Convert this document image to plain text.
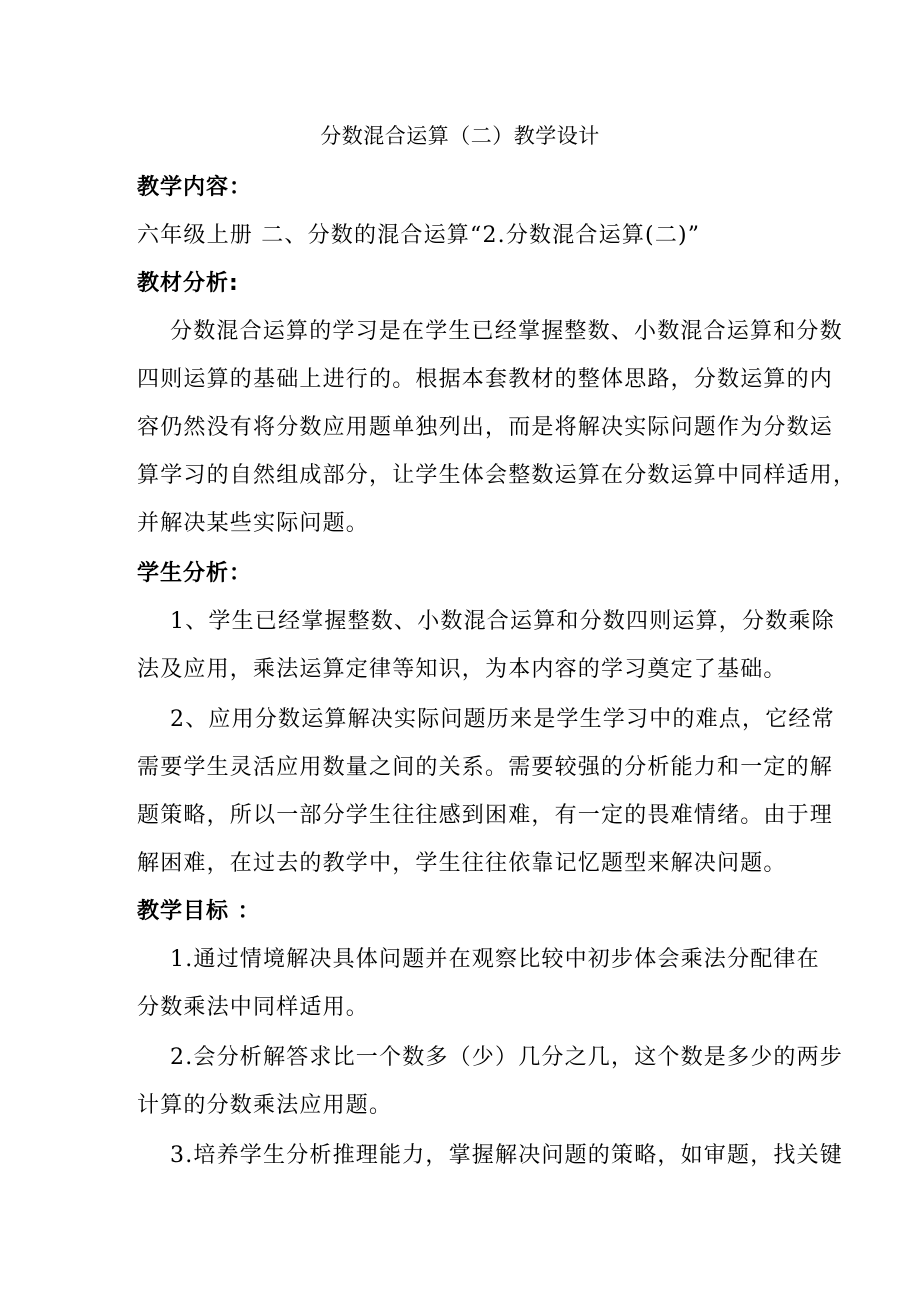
分数混合运算（二）教学设计
教学内容：
六年级上册 二、分数的混合运算“2.分数混合运算(二)”
教材分析:
分数混合运算的学习是在学生已经掌握整数、小数混合运算和分数
四则运算的基础上进行的。根据本套教材的整体思路，分数运算的内
容仍然没有将分数应用题单独列出，而是将解决实际问题作为分数运
算学习的自然组成部分，让学生体会整数运算在分数运算中同样适用，
并解决某些实际问题。
学生分析：
1、学生已经掌握整数、小数混合运算和分数四则运算，分数乘除
法及应用，乘法运算定律等知识，为本内容的学习奠定了基础。
2、应用分数运算解决实际问题历来是学生学习中的难点，它经常
需要学生灵活应用数量之间的关系。需要较强的分析能力和一定的解
题策略，所以一部分学生往往感到困难，有一定的畏难情绪。由于理
解困难，在过去的教学中，学生往往依靠记忆题型来解决问题。
教学目标 ：
1.通过情境解决具体问题并在观察比较中初步体会乘法分配律在
分数乘法中同样适用。
2.会分析解答求比一个数多（少）几分之几，这个数是多少的两步
计算的分数乘法应用题。
3.培养学生分析推理能力，掌握解决问题的策略，如审题，找关键
